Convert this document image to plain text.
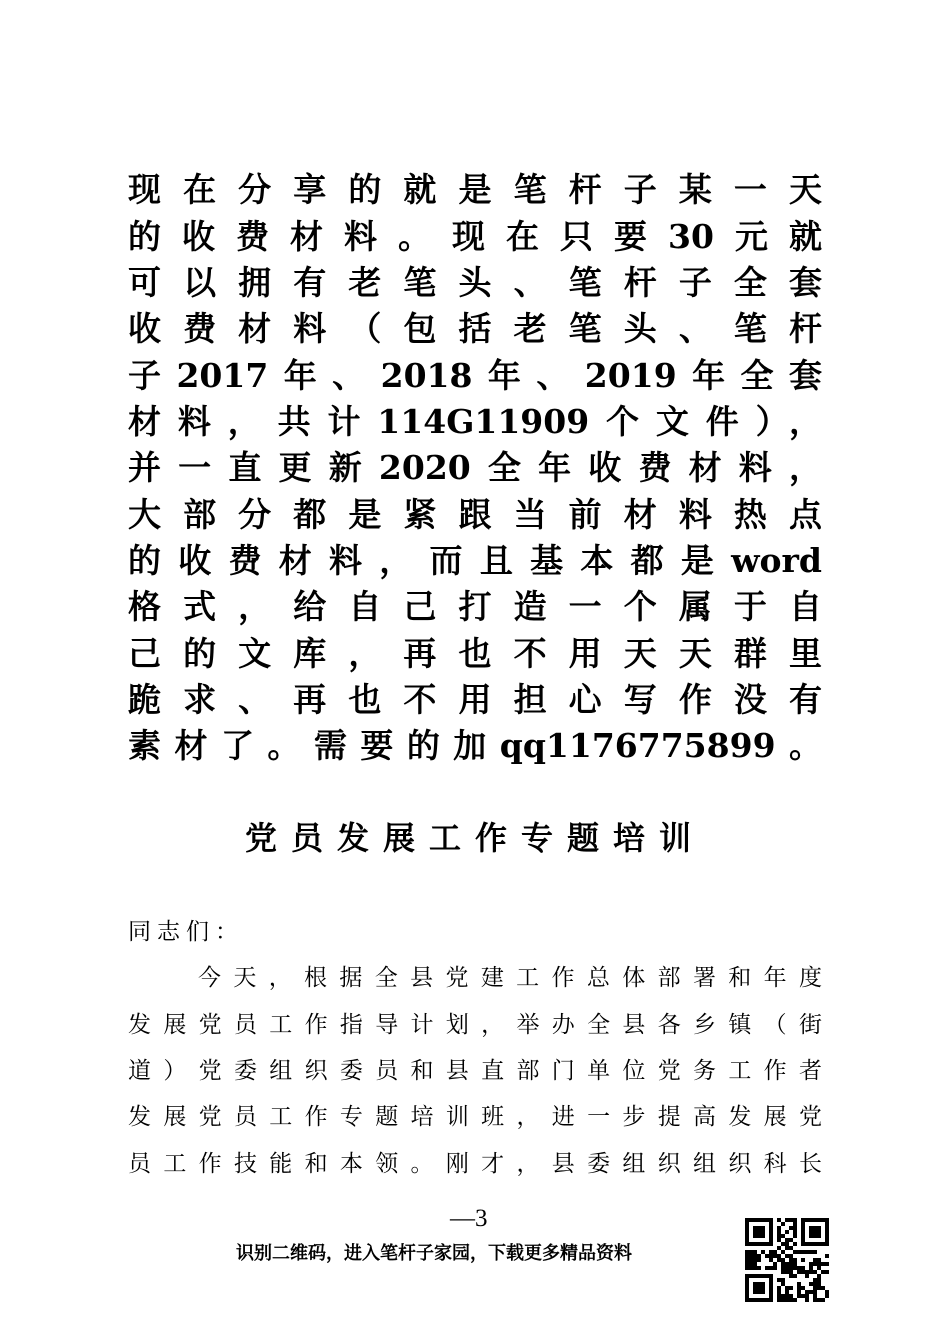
现在分享的就是笔杆子某一天
的收费材料。现在只要30元就
可以拥有老笔头、笔杆子全套
收费材料（包括老笔头、笔杆
子2017年、2018年、2019年全套
材料，共计114G11909个文件），
并一直更新2020全年收费材料，
大部分都是紧跟当前材料热点
的收费材料，而且基本都是word
格式，给自己打造一个属于自
己的文库，再也不用天天群里
跪求、再也不用担心写作没有
素材了。需要的加qq1176775899。
党员发展工作专题培训
同志们：
今天，根据全县党建工作总体部署和年度
发展党员工作指导计划，举办全县各乡镇（街
道）党委组织委员和县直部门单位党务工作者
发展党员工作专题培训班，进一步提高发展党
员工作技能和本领。刚才，县委组织组织科长
—3
识别二维码，进入笔杆子家园，下载更多精品资料
